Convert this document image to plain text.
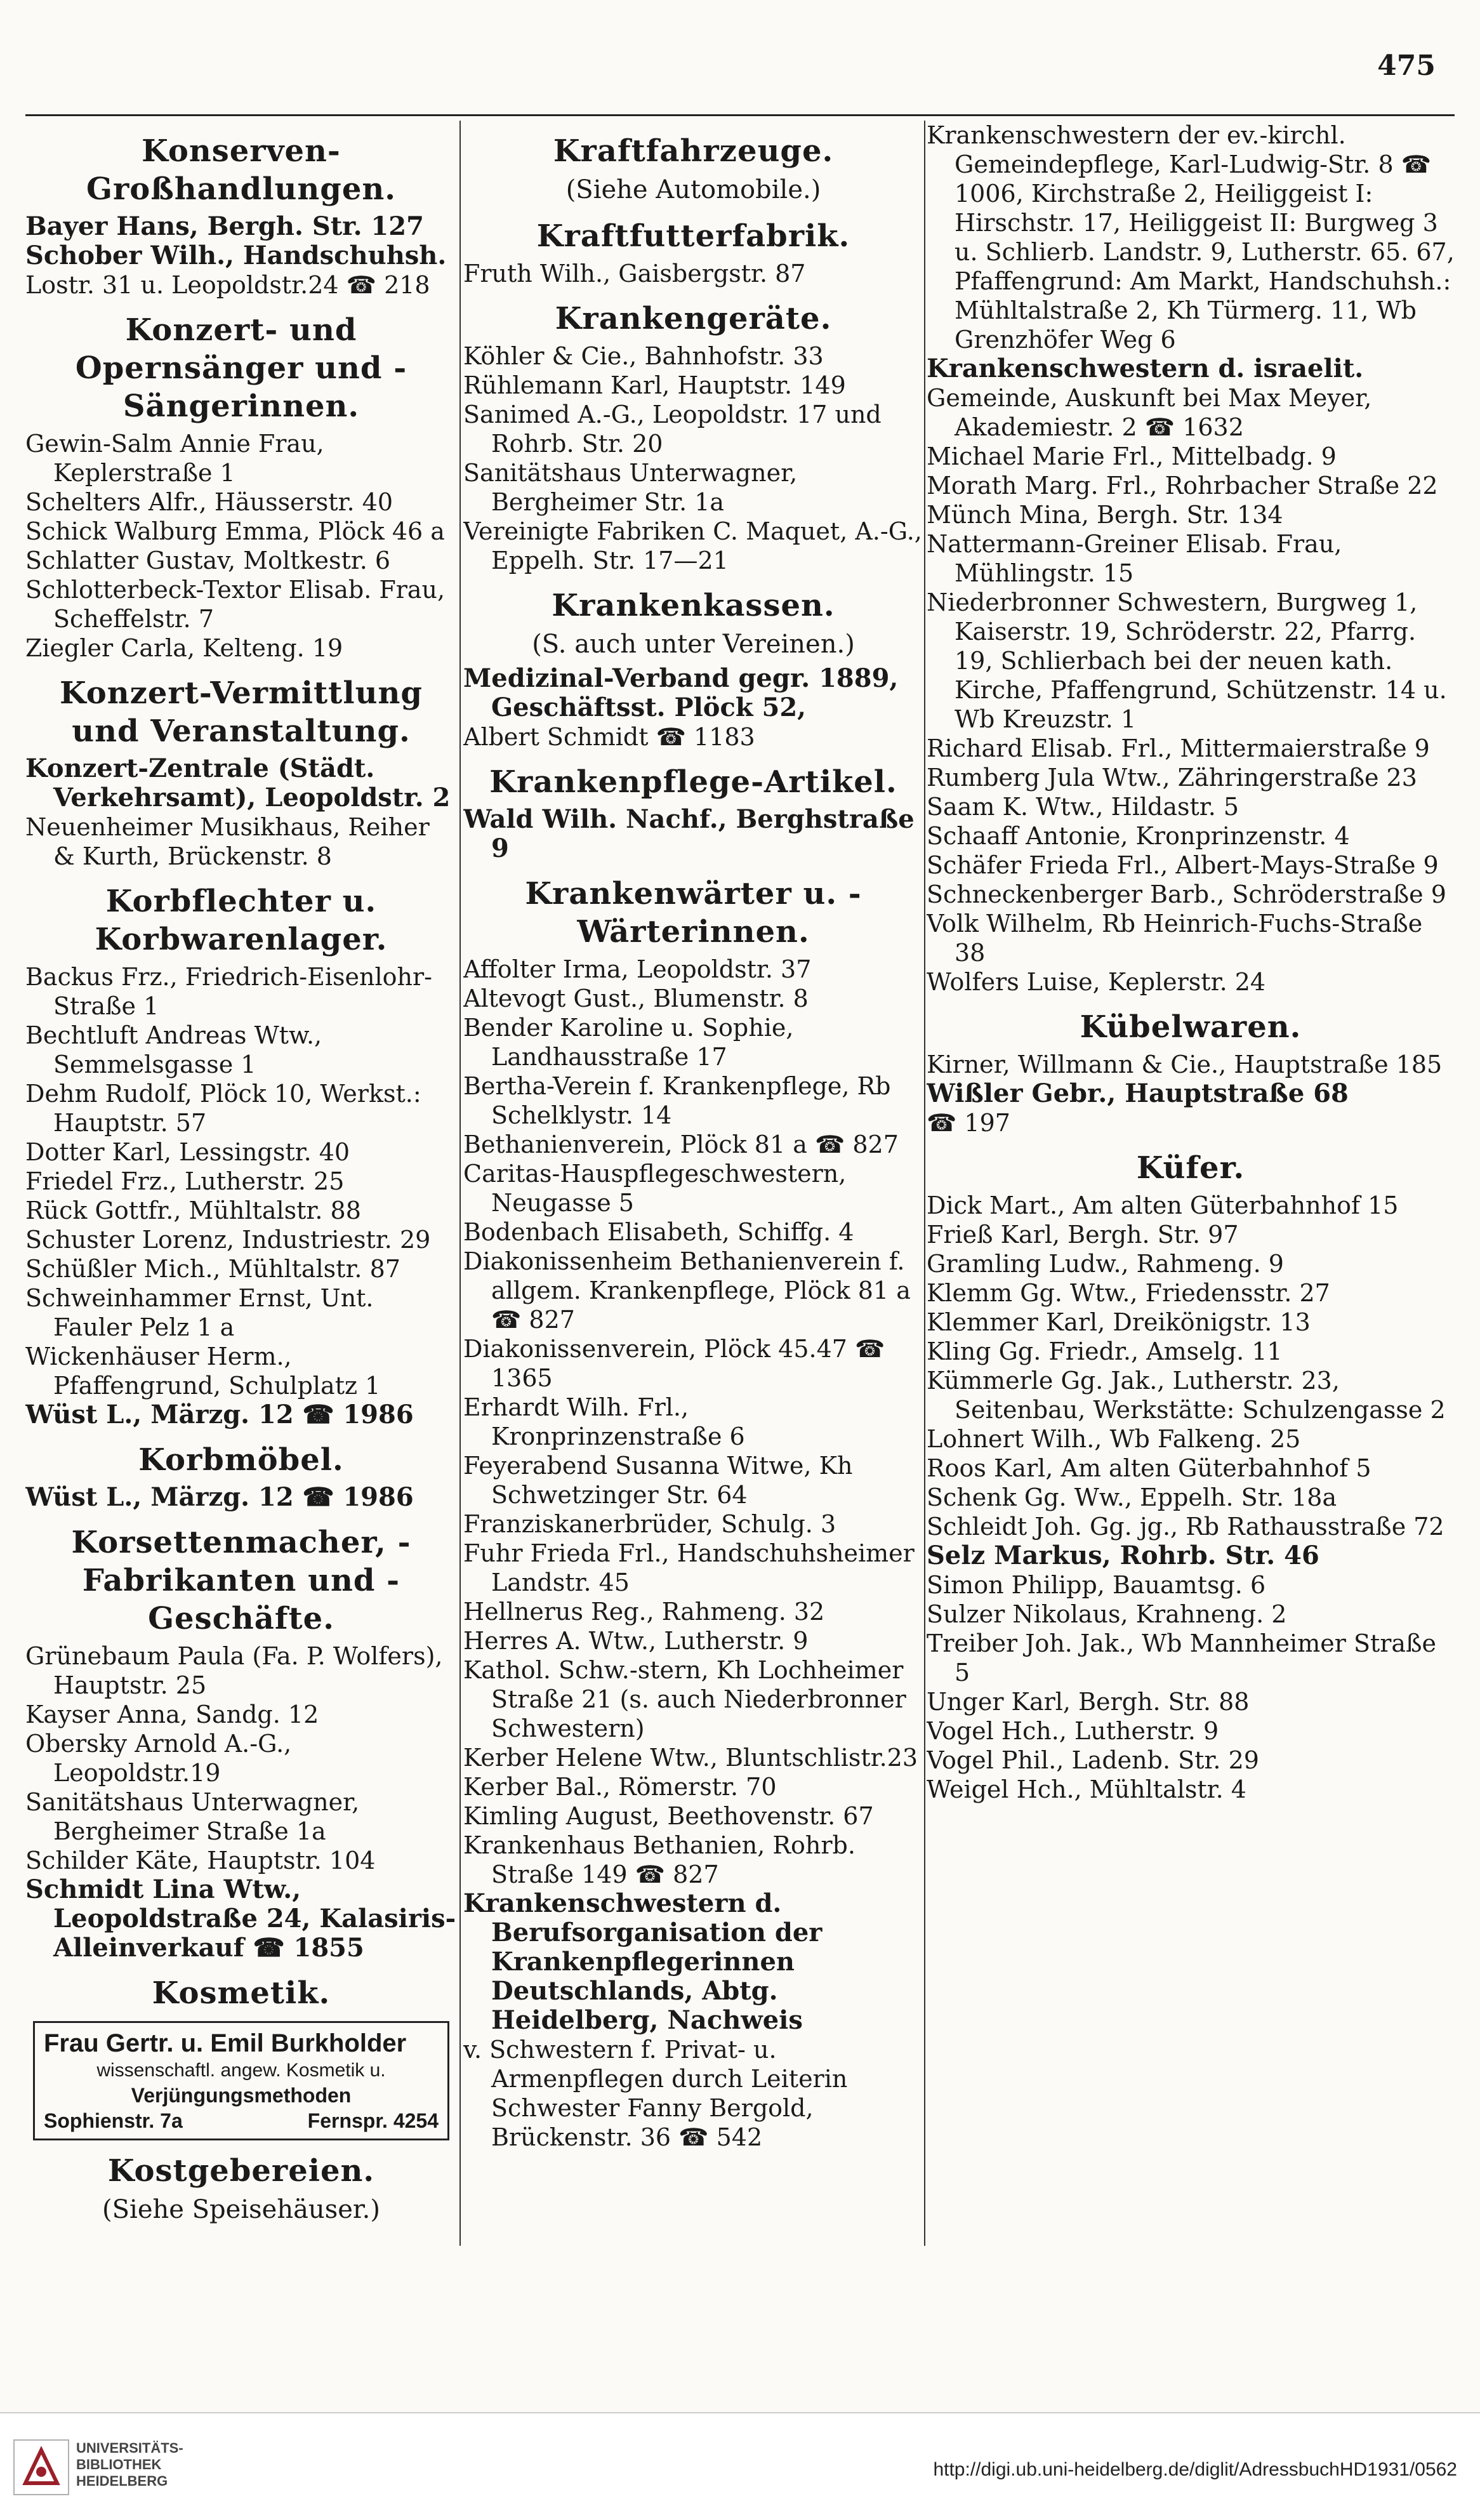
475
Konserven-Großhandlungen.

Bayer Hans, Bergh. Str. 127

Schober Wilh., Handschuhsh.

Lostr. 31 u. Leopoldstr.24 ☎ 218

Konzert- und Opernsänger und -Sängerinnen.

Gewin-Salm Annie Frau, Keplerstraße 1

Schelters Alfr., Häusserstr. 40

Schick Walburg Emma, Plöck 46 a

Schlatter Gustav, Moltkestr. 6

Schlotterbeck-Textor Elisab. Frau, Scheffelstr. 7

Ziegler Carla, Kelteng. 19

Konzert-Vermittlung und Veranstaltung.

Konzert-Zentrale (Städt. Verkehrsamt), Leopoldstr. 2

Neuenheimer Musikhaus, Reiher & Kurth, Brückenstr. 8

Korbflechter u. Korbwarenlager.

Backus Frz., Friedrich-Eisenlohr-Straße 1

Bechtluft Andreas Wtw., Semmelsgasse 1

Dehm Rudolf, Plöck 10, Werkst.: Hauptstr. 57

Dotter Karl, Lessingstr. 40

Friedel Frz., Lutherstr. 25

Rück Gottfr., Mühltalstr. 88

Schuster Lorenz, Industriestr. 29

Schüßler Mich., Mühltalstr. 87

Schweinhammer Ernst, Unt. Fauler Pelz 1 a

Wickenhäuser Herm., Pfaffengrund, Schulplatz 1

Wüst L., Märzg. 12 ☎ 1986

Korbmöbel.

Wüst L., Märzg. 12 ☎ 1986

Korsettenmacher, -Fabrikanten und -Geschäfte.

Grünebaum Paula (Fa. P. Wolfers), Hauptstr. 25

Kayser Anna, Sandg. 12

Obersky Arnold A.-G., Leopoldstr.19

Sanitätshaus Unterwagner, Bergheimer Straße 1a

Schilder Käte, Hauptstr. 104

Schmidt Lina Wtw., Leopoldstraße 24, Kalasiris-Alleinverkauf ☎ 1855

Kosmetik.
Frau Gertr. u. Emil Burkholder
wissenschaftl. angew. Kosmetik u.
Verjüngungsmethoden
Sophienstr. 7a	Fernspr. 4254
Kostgebereien.
(Siehe Speisehäuser.)
Kraftfahrzeuge.
(Siehe Automobile.)
Kraftfutterfabrik.

Fruth Wilh., Gaisbergstr. 87

Krankengeräte.

Köhler & Cie., Bahnhofstr. 33

Rühlemann Karl, Hauptstr. 149

Sanimed A.-G., Leopoldstr. 17 und Rohrb. Str. 20

Sanitätshaus Unterwagner, Bergheimer Str. 1a

Vereinigte Fabriken C. Maquet, A.-G., Eppelh. Str. 17—21

Krankenkassen.
(S. auch unter Vereinen.)

Medizinal-Verband gegr. 1889, Geschäftsst. Plöck 52,

Albert Schmidt ☎ 1183

Krankenpflege-Artikel.

Wald Wilh. Nachf., Berghstraße 9

Krankenwärter u. -Wärterinnen.

Affolter Irma, Leopoldstr. 37

Altevogt Gust., Blumenstr. 8

Bender Karoline u. Sophie, Landhausstraße 17

Bertha-Verein f. Krankenpflege, Rb Schelklystr. 14

Bethanienverein, Plöck 81 a ☎ 827

Caritas-Hauspflegeschwestern, Neugasse 5

Bodenbach Elisabeth, Schiffg. 4

Diakonissenheim Bethanienverein f. allgem. Krankenpflege, Plöck 81 a ☎ 827

Diakonissenverein, Plöck 45.47 ☎ 1365

Erhardt Wilh. Frl., Kronprinzenstraße 6

Feyerabend Susanna Witwe, Kh Schwetzinger Str. 64

Franziskanerbrüder, Schulg. 3

Fuhr Frieda Frl., Handschuhsheimer Landstr. 45

Hellnerus Reg., Rahmeng. 32

Herres A. Wtw., Lutherstr. 9

Kathol. Schw.-stern, Kh Lochheimer Straße 21 (s. auch Niederbronner Schwestern)

Kerber Helene Wtw., Bluntschlistr.23

Kerber Bal., Römerstr. 70

Kimling August, Beethovenstr. 67

Krankenhaus Bethanien, Rohrb. Straße 149 ☎ 827

Krankenschwestern d. Berufsorganisation der Krankenpflegerinnen Deutschlands, Abtg. Heidelberg, Nachweis

v. Schwestern f. Privat- u. Armenpflegen durch Leiterin Schwester Fanny Bergold, Brückenstr. 36 ☎ 542

Krankenschwestern der ev.-kirchl. Gemeindepflege, Karl-Ludwig-Str. 8 ☎ 1006, Kirchstraße 2, Heiliggeist I: Hirschstr. 17, Heiliggeist II: Burgweg 3 u. Schlierb. Landstr. 9, Lutherstr. 65. 67, Pfaffengrund: Am Markt, Handschuhsh.: Mühltalstraße 2, Kh Türmerg. 11, Wb Grenzhöfer Weg 6

Krankenschwestern d. israelit.

Gemeinde, Auskunft bei Max Meyer, Akademiestr. 2 ☎ 1632

Michael Marie Frl., Mittelbadg. 9

Morath Marg. Frl., Rohrbacher Straße 22

Münch Mina, Bergh. Str. 134

Nattermann-Greiner Elisab. Frau, Mühlingstr. 15

Niederbronner Schwestern, Burgweg 1, Kaiserstr. 19, Schröderstr. 22, Pfarrg. 19, Schlierbach bei der neuen kath. Kirche, Pfaffengrund, Schützenstr. 14 u. Wb Kreuzstr. 1

Richard Elisab. Frl., Mittermaierstraße 9

Rumberg Jula Wtw., Zähringerstraße 23

Saam K. Wtw., Hildastr. 5

Schaaff Antonie, Kronprinzenstr. 4

Schäfer Frieda Frl., Albert-Mays-Straße 9

Schneckenberger Barb., Schröderstraße 9

Volk Wilhelm, Rb Heinrich-Fuchs-Straße 38

Wolfers Luise, Keplerstr. 24

Kübelwaren.

Kirner, Willmann & Cie., Hauptstraße 185

Wißler Gebr., Hauptstraße 68

☎ 197

Küfer.

Dick Mart., Am alten Güterbahnhof 15

Frieß Karl, Bergh. Str. 97

Gramling Ludw., Rahmeng. 9

Klemm Gg. Wtw., Friedensstr. 27

Klemmer Karl, Dreikönigstr. 13

Kling Gg. Friedr., Amselg. 11

Kümmerle Gg. Jak., Lutherstr. 23, Seitenbau, Werkstätte: Schulzengasse 2

Lohnert Wilh., Wb Falkeng. 25

Roos Karl, Am alten Güterbahnhof 5

Schenk Gg. Ww., Eppelh. Str. 18a

Schleidt Joh. Gg. jg., Rb Rathausstraße 72

Selz Markus, Rohrb. Str. 46

Simon Philipp, Bauamtsg. 6

Sulzer Nikolaus, Krahneng. 2

Treiber Joh. Jak., Wb Mannheimer Straße 5

Unger Karl, Bergh. Str. 88

Vogel Hch., Lutherstr. 9

Vogel Phil., Ladenb. Str. 29

Weigel Hch., Mühltalstr. 4

UNIVERSITÄTS-
BIBLIOTHEK
HEIDELBERG
http://digi.ub.uni-heidelberg.de/diglit/AdressbuchHD1931/0562
